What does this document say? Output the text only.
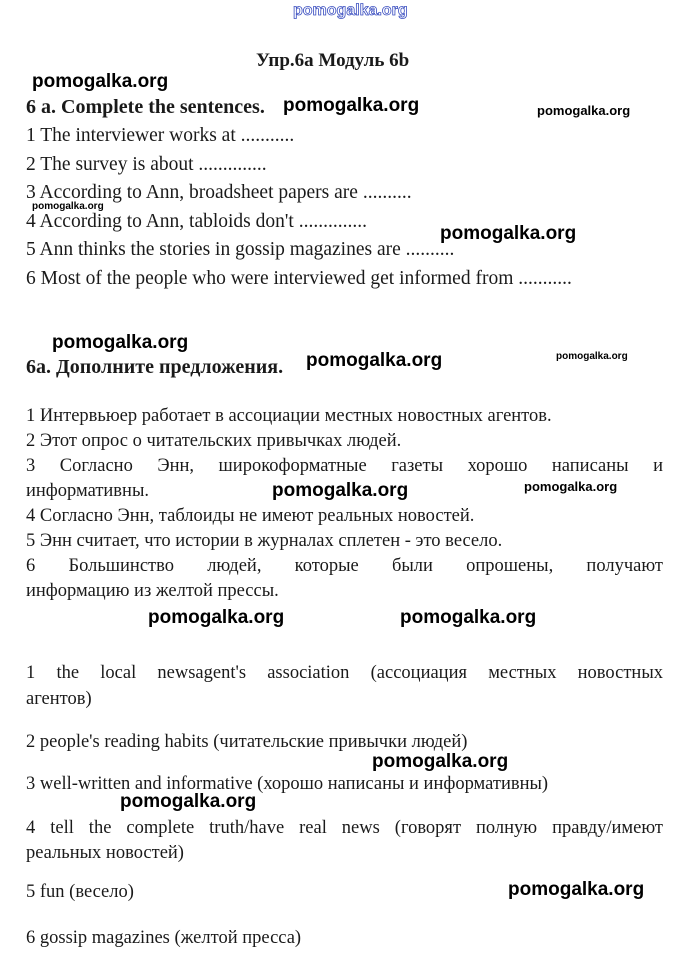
pomogalka.org
Упр.6а Модуль 6b
6 a. Complete the sentences.
1 The interviewer works at ...........
2 The survey is about ..............
3 According to Ann, broadsheet papers are ..........
4 According to Ann, tabloids don't ..............
5 Ann thinks the stories in gossip magazines are ..........
6 Most of the people who were interviewed get informed from ...........
6а. Дополните предложения.
1 Интервьюер работает в ассоциации местных новостных агентов.
2 Этот опрос о читательских привычках людей.
3 Согласно Энн, широкоформатные газеты хорошо написаны и
информативны.
4 Согласно Энн, таблоиды не имеют реальных новостей.
5 Энн считает, что истории в журналах сплетен - это весело.
6 Большинство людей, которые были опрошены, получают
информацию из желтой прессы.
1 the local newsagent's association (ассоциация местных новостных
агентов)
2 people's reading habits (читательские привычки людей)
3 well-written and informative (хорошо написаны и информативны)
4 tell the complete truth/have real news (говорят полную правду/имеют
реальных новостей)
5 fun (весело)
6 gossip magazines (желтой пресса)
pomogalka.org
pomogalka.org	pomogalka.org
pomogalka.org
pomogalka.org
pomogalka.org
pomogalka.org	pomogalka.org
pomogalka.org	pomogalka.org
pomogalka.org	pomogalka.org
pomogalka.org
pomogalka.org
pomogalka.org
